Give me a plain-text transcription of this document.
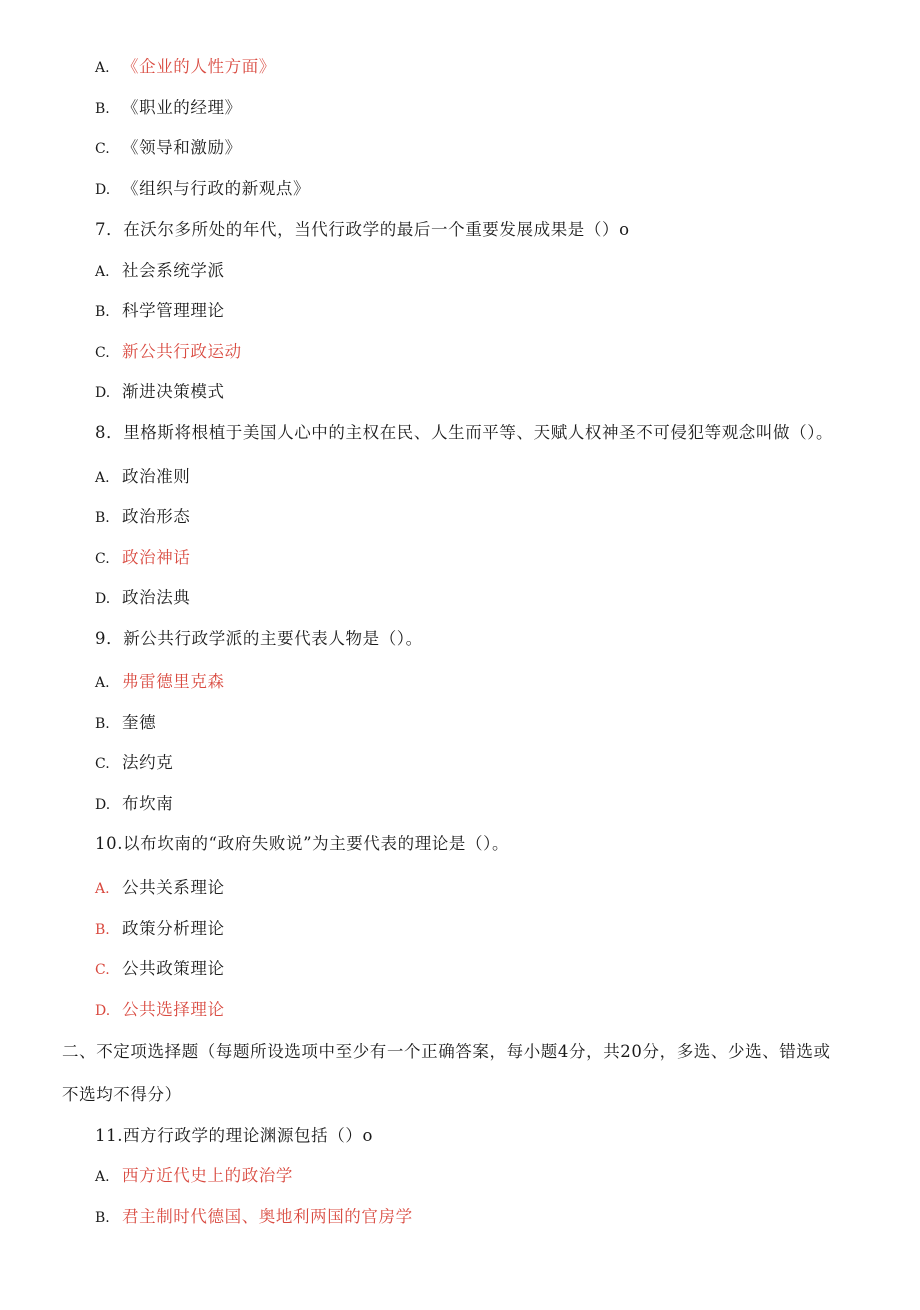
A. 《企业的人性方面》
B. 《职业的经理》
C. 《领导和激励》
D. 《组织与行政的新观点》
7．在沃尔多所处的年代，当代行政学的最后一个重要发展成果是（）o
A. 社会系统学派
B. 科学管理理论
C. 新公共行政运动
D. 渐进决策模式
8．里格斯将根植于美国人心中的主权在民、人生而平等、天赋人权神圣不可侵犯等观念叫做（）。
A. 政治准则
B. 政治形态
C. 政治神话
D. 政治法典
9．新公共行政学派的主要代表人物是（）。
A. 弗雷德里克森
B. 奎德
C. 法约克
D. 布坎南
10.以布坎南的“政府失败说”为主要代表的理论是（）。
A. 公共关系理论
B. 政策分析理论
C. 公共政策理论
D. 公共选择理论
二、不定项选择题（每题所设选项中至少有一个正确答案，每小题4分，共20分，多选、少选、错选或
不选均不得分）
11.西方行政学的理论渊源包括（）o
A. 西方近代史上的政治学
B. 君主制时代德国、奥地利两国的官房学
